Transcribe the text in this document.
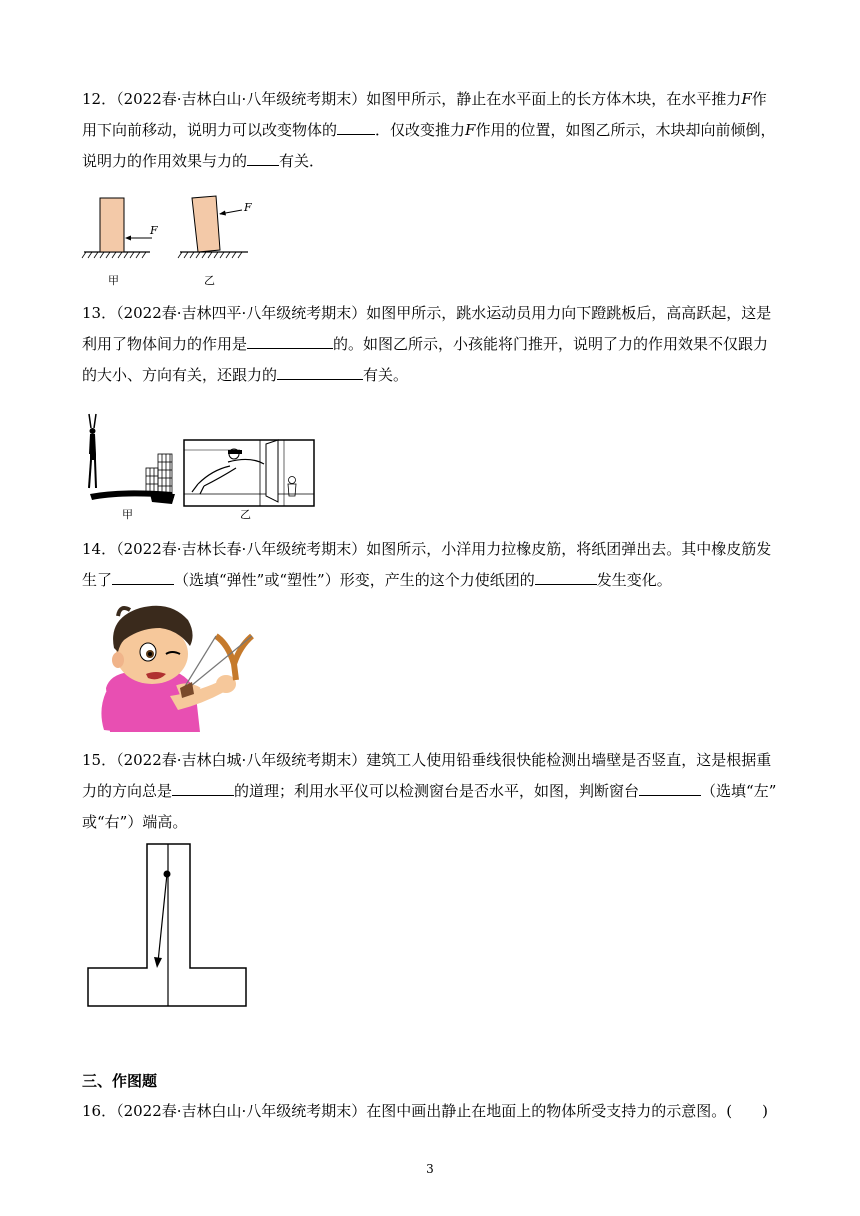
12．（2022春·吉林白山·八年级统考期末）如图甲所示，静止在水平面上的长方体木块，在水平推力F作

用下向前移动，说明力可以改变物体的	．仅改变推力F作用的位置，如图乙所示，木块却向前倾倒，

说明力的作用效果与力的 有关．

F
F
甲	乙

13．（2022春·吉林四平·八年级统考期末）如图甲所示，跳水运动员用力向下蹬跳板后，高高跃起，这是

利用了物体间力的作用是	的。如图乙所示，小孩能将门推开，说明了力的作用效果不仅跟力

的大小、方向有关，还跟力的	有关。

甲	乙

14．（2022春·吉林长春·八年级统考期末）如图所示，小洋用力拉橡皮筋，将纸团弹出去。其中橡皮筋发

生了	（选填“弹性”或“塑性”）形变，产生的这个力使纸团的	发生变化。

15．（2022春·吉林白城·八年级统考期末）建筑工人使用铅垂线很快能检测出墙壁是否竖直，这是根据重

力的方向总是	的道理；利用水平仪可以检测窗台是否水平，如图，判断窗台	（选填“左”

或“右”）端高。

三、作图题

16．（2022春·吉林白山·八年级统考期末）在图中画出静止在地面上的物体所受支持力的示意图。(　　)

3
